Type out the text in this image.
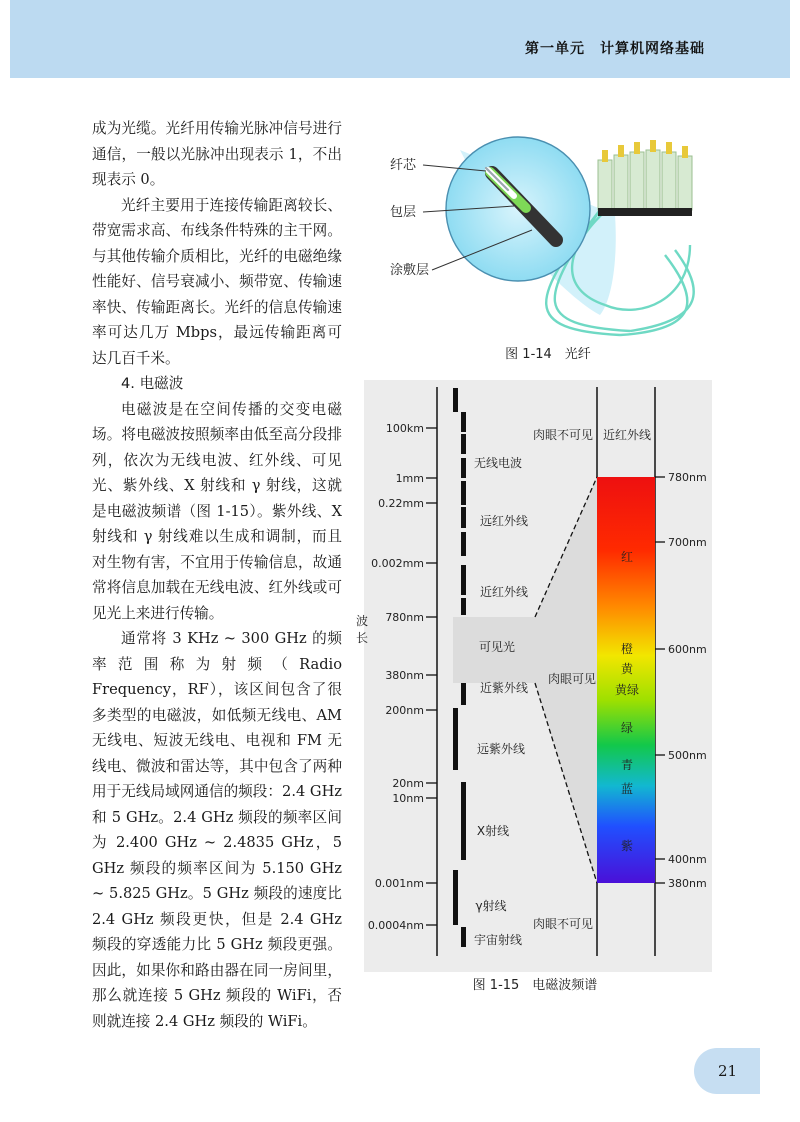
第一单元　计算机网络基础

成为光缆。光纤用传输光脉冲信号进行通信，一般以光脉冲出现表示 1，不出现表示 0。

光纤主要用于连接传输距离较长、带宽需求高、布线条件特殊的主干网。与其他传输介质相比，光纤的电磁绝缘性能好、信号衰减小、频带宽、传输速率快、传输距离长。光纤的信息传输速率可达几万 Mbps，最远传输距离可达几百千米。

4. 电磁波

电磁波是在空间传播的交变电磁场。将电磁波按照频率由低至高分段排列，依次为无线电波、红外线、可见光、紫外线、X 射线和 γ 射线，这就是电磁波频谱（图 1-15）。紫外线、X 射线和 γ 射线难以生成和调制，而且对生物有害，不宜用于传输信息，故通常将信息加载在无线电波、红外线或可见光上来进行传输。

通常将 3 KHz ~ 300 GHz 的频率范围称为射频（Radio Frequency，RF），该区间包含了很多类型的电磁波，如低频无线电、AM 无线电、短波无线电、电视和 FM 无线电、微波和雷达等，其中包含了两种用于无线局域网通信的频段：2.4 GHz 和 5 GHz。2.4 GHz 频段的频率区间为 2.400 GHz ~ 2.4835 GHz，5 GHz 频段的频率区间为 5.150 GHz ~ 5.825 GHz。5 GHz 频段的速度比 2.4 GHz 频段更快，但是 2.4 GHz 频段的穿透能力比 5 GHz 频段更强。因此，如果你和路由器在同一房间里，那么就连接 5 GHz 频段的 WiFi，否则就连接 2.4 GHz 频段的 WiFi。

纤芯
包层
涂敷层
图 1-14　光纤
100km
1mm
0.22mm
0.002mm
780nm
380nm
200nm
20nm
10nm
0.001nm
0.0004nm
780nm
700nm
600nm
500nm
400nm
380nm
红
橙
黄
黄绿
绿
青
蓝
紫
无线电波
远红外线
近红外线
可见光
近紫外线
远紫外线
X射线
γ射线
宇宙射线
波
长
肉眼不可见
肉眼可见
肉眼不可见
近红外线
图 1-15　电磁波频谱
21
